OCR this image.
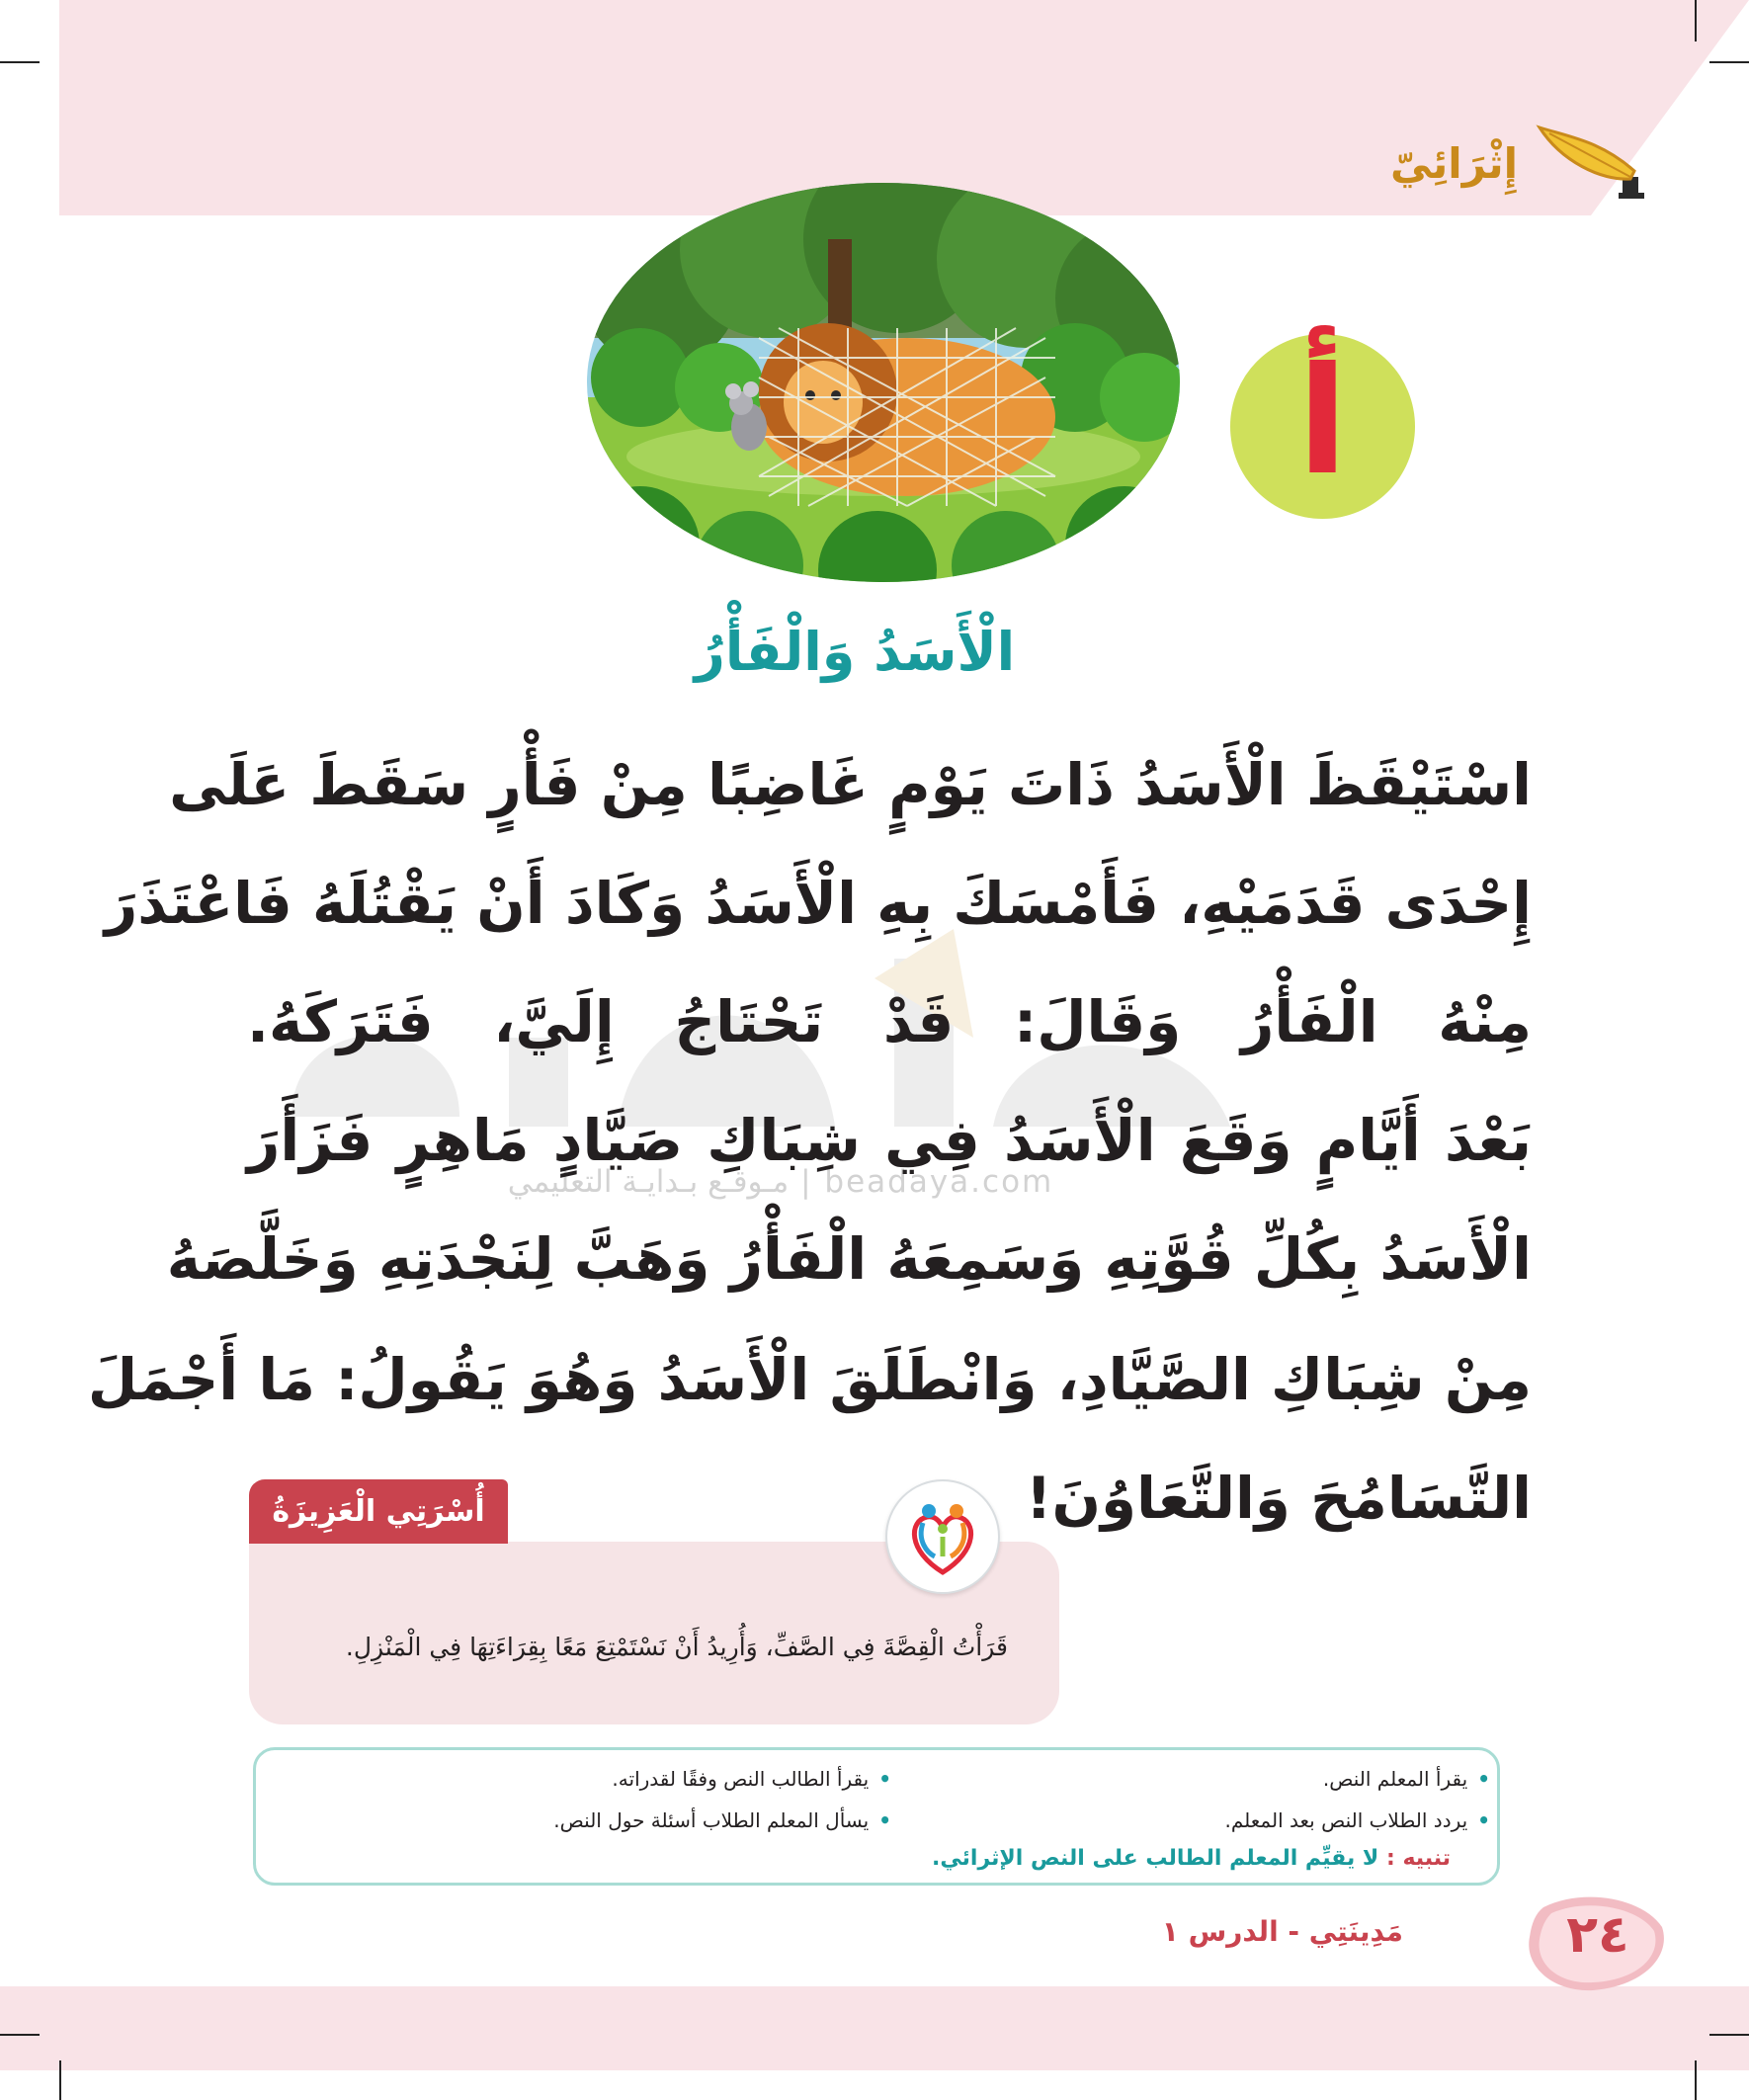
إِثْرَائِيّ
أ
الْأَسَدُ وَالْفَأْرُ
beadaya.com | مـوقـع بـدايـة التعليمي
اسْتَيْقَظَ الْأَسَدُ ذَاتَ يَوْمٍ غَاضِبًا مِنْ فَأْرٍ سَقَطَ عَلَى
إِحْدَى قَدَمَيْهِ، فَأَمْسَكَ بِهِ الْأَسَدُ وَكَادَ أَنْ يَقْتُلَهُ فَاعْتَذَرَ
مِنْهُ الْفَأْرُ وَقَالَ: قَدْ تَحْتَاجُ إِلَيَّ، فَتَرَكَهُ.
بَعْدَ أَيَّامٍ وَقَعَ الْأَسَدُ فِي شِبَاكِ صَيَّادٍ مَاهِرٍ فَزَأَرَ
الْأَسَدُ بِكُلِّ قُوَّتِهِ وَسَمِعَهُ الْفَأْرُ وَهَبَّ لِنَجْدَتِهِ وَخَلَّصَهُ
مِنْ شِبَاكِ الصَّيَّادِ، وَانْطَلَقَ الْأَسَدُ وَهُوَ يَقُولُ: مَا أَجْمَلَ
التَّسَامُحَ وَالتَّعَاوُنَ!
أُسْرَتِي الْعَزِيزَةُ
قَرَأْتُ الْقِصَّةَ فِي الصَّفِّ، وَأُرِيدُ أَنْ نَسْتَمْتِعَ مَعًا بِقِرَاءَتِهَا فِي الْمَنْزِلِ.
•يقرأ المعلم النص.
•يردد الطلاب النص بعد المعلم.
•يقرأ الطالب النص وفقًا لقدراته.
•يسأل المعلم الطلاب أسئلة حول النص.
تنبيه : لا يقيِّم المعلم الطالب على النص الإثرائي.
٢٤
مَدِينَتِي - الدرس ١
